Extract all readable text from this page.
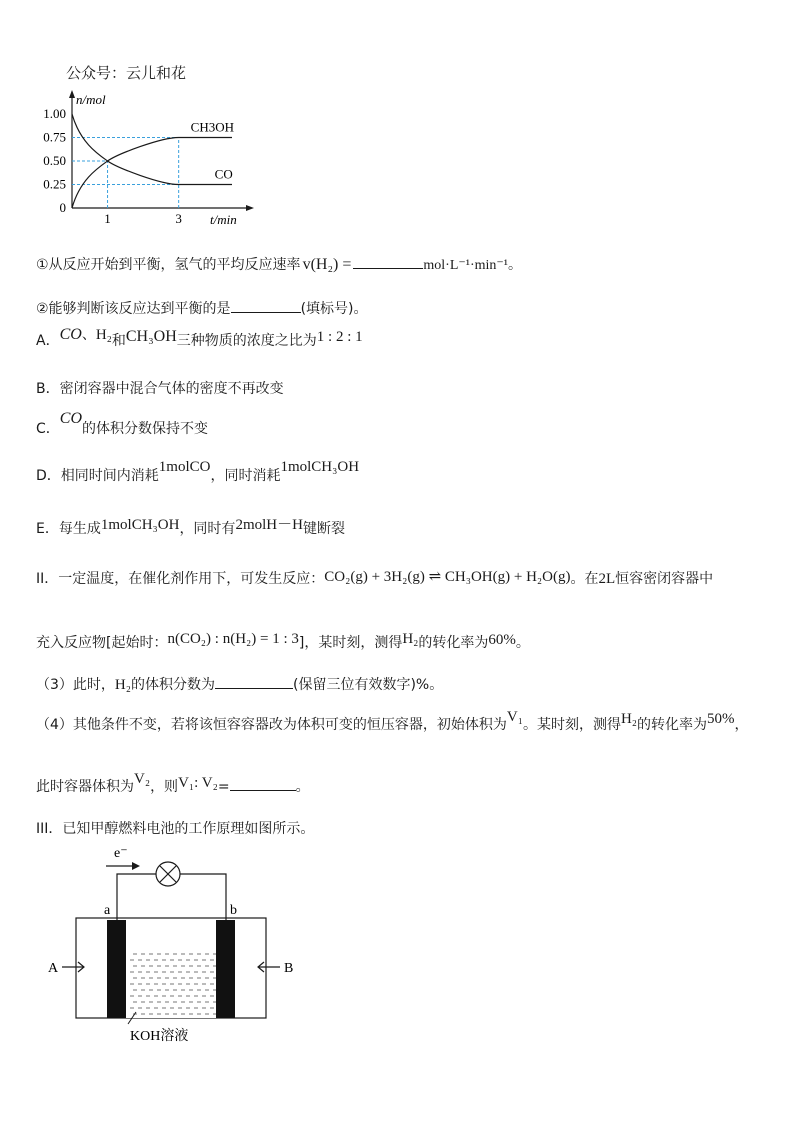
公众号：云儿和花
n/mol
t/min
1.00
0.75
0.50
0.25
0
1	3
CH3OH
CO
①从反应开始到平衡，氢气的平均反应速率 v(H₂) =	mol·L⁻¹·min⁻¹。
②能够判断该反应达到平衡的是	(填标号)。
A．CO、H₂和CH₃OH三种物质的浓度之比为1 : 2 : 1
B．密闭容器中混合气体的密度不再改变
C．CO的体积分数保持不变
D．相同时间内消耗1molCO，同时消耗1molCH₃OH
E．每生成1molCH₃OH，同时有2molH－H键断裂
II．一定温度，在催化剂作用下，可发生反应：CO₂(g) + 3H₂(g) ⇌ CH₃OH(g) + H₂O(g)。在2L恒容密闭容器中
充入反应物[起始时：n(CO₂) : n(H₂) = 1 : 3]，某时刻，测得H₂的转化率为60%。
（3）此时，H₂的体积分数为	(保留三位有效数字)%。
（4）其他条件不变，若将该恒容容器改为体积可变的恒压容器，初始体积为V₁。某时刻，测得H₂的转化率为50%，
此时容器体积为V₂，则V₁: V₂=	。
III．已知甲醇燃料电池的工作原理如图所示。
e⁻
a	b
A	B
KOH溶液
